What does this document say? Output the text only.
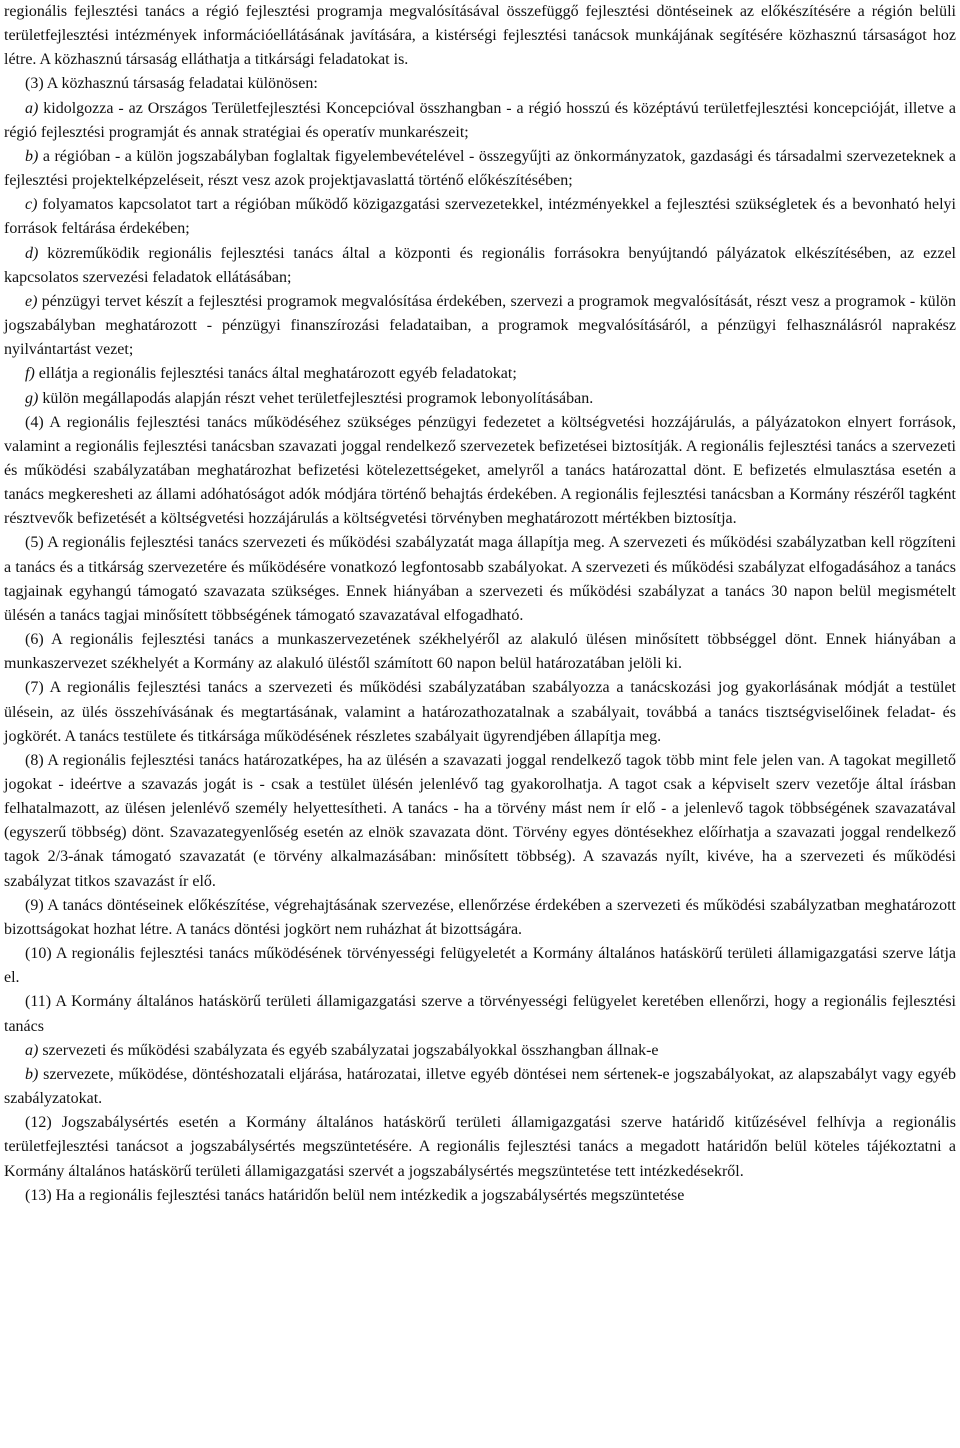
regionális fejlesztési tanács a régió fejlesztési programja megvalósításával összefüggő fejlesztési döntéseinek az előkészítésére a régión belüli területfejlesztési intézmények információellátásának javítására, a kistérségi fejlesztési tanácsok munkájának segítésére közhasznú társaságot hoz létre. A közhasznú társaság elláthatja a titkársági feladatokat is.

(3) A közhasznú társaság feladatai különösen:

a) kidolgozza - az Országos Területfejlesztési Koncepcióval összhangban - a régió hosszú és középtávú területfejlesztési koncepcióját, illetve a régió fejlesztési programját és annak stratégiai és operatív munkarészeit;

b) a régióban - a külön jogszabályban foglaltak figyelembevételével - összegyűjti az önkormányzatok, gazdasági és társadalmi szervezeteknek a fejlesztési projektelképzeléseit, részt vesz azok projektjavaslattá történő előkészítésében;

c) folyamatos kapcsolatot tart a régióban működő közigazgatási szervezetekkel, intézményekkel a fejlesztési szükségletek és a bevonható helyi források feltárása érdekében;

d) közreműködik regionális fejlesztési tanács által a központi és regionális forrásokra benyújtandó pályázatok elkészítésében, az ezzel kapcsolatos szervezési feladatok ellátásában;

e) pénzügyi tervet készít a fejlesztési programok megvalósítása érdekében, szervezi a programok megvalósítását, részt vesz a programok - külön jogszabályban meghatározott - pénzügyi finanszírozási feladataiban, a programok megvalósításáról, a pénzügyi felhasználásról naprakész nyilvántartást vezet;

f) ellátja a regionális fejlesztési tanács által meghatározott egyéb feladatokat;

g) külön megállapodás alapján részt vehet területfejlesztési programok lebonyolításában.

(4) A regionális fejlesztési tanács működéséhez szükséges pénzügyi fedezetet a költségvetési hozzájárulás, a pályázatokon elnyert források, valamint a regionális fejlesztési tanácsban szavazati joggal rendelkező szervezetek befizetései biztosítják. A regionális fejlesztési tanács a szervezeti és működési szabályzatában meghatározhat befizetési kötelezettségeket, amelyről a tanács határozattal dönt. E befizetés elmulasztása esetén a tanács megkeresheti az állami adóhatóságot adók módjára történő behajtás érdekében. A regionális fejlesztési tanácsban a Kormány részéről tagként résztvevők befizetését a költségvetési hozzájárulás a költségvetési törvényben meghatározott mértékben biztosítja.

(5) A regionális fejlesztési tanács szervezeti és működési szabályzatát maga állapítja meg. A szervezeti és működési szabályzatban kell rögzíteni a tanács és a titkárság szervezetére és működésére vonatkozó legfontosabb szabályokat. A szervezeti és működési szabályzat elfogadásához a tanács tagjainak egyhangú támogató szavazata szükséges. Ennek hiányában a szervezeti és működési szabályzat a tanács 30 napon belül megismételt ülésén a tanács tagjai minősített többségének támogató szavazatával elfogadható.

(6) A regionális fejlesztési tanács a munkaszervezetének székhelyéről az alakuló ülésen minősített többséggel dönt. Ennek hiányában a munkaszervezet székhelyét a Kormány az alakuló üléstől számított 60 napon belül határozatában jelöli ki.

(7) A regionális fejlesztési tanács a szervezeti és működési szabályzatában szabályozza a tanácskozási jog gyakorlásának módját a testület ülésein, az ülés összehívásának és megtartásának, valamint a határozathozatalnak a szabályait, továbbá a tanács tisztségviselőinek feladat- és jogkörét. A tanács testülete és titkársága működésének részletes szabályait ügyrendjében állapítja meg.

(8) A regionális fejlesztési tanács határozatképes, ha az ülésén a szavazati joggal rendelkező tagok több mint fele jelen van. A tagokat megillető jogokat - ideértve a szavazás jogát is - csak a testület ülésén jelenlévő tag gyakorolhatja. A tagot csak a képviselt szerv vezetője által írásban felhatalmazott, az ülésen jelenlévő személy helyettesítheti. A tanács - ha a törvény mást nem ír elő - a jelenlevő tagok többségének szavazatával (egyszerű többség) dönt. Szavazategyenlőség esetén az elnök szavazata dönt. Törvény egyes döntésekhez előírhatja a szavazati joggal rendelkező tagok 2/3-ának támogató szavazatát (e törvény alkalmazásában: minősített többség). A szavazás nyílt, kivéve, ha a szervezeti és működési szabályzat titkos szavazást ír elő.

(9) A tanács döntéseinek előkészítése, végrehajtásának szervezése, ellenőrzése érdekében a szervezeti és működési szabályzatban meghatározott bizottságokat hozhat létre. A tanács döntési jogkört nem ruházhat át bizottságára.

(10) A regionális fejlesztési tanács működésének törvényességi felügyeletét a Kormány általános hatáskörű területi államigazgatási szerve látja el.

(11) A Kormány általános hatáskörű területi államigazgatási szerve a törvényességi felügyelet keretében ellenőrzi, hogy a regionális fejlesztési tanács

a) szervezeti és működési szabályzata és egyéb szabályzatai jogszabályokkal összhangban állnak-e

b) szervezete, működése, döntéshozatali eljárása, határozatai, illetve egyéb döntései nem sértenek-e jogszabályokat, az alapszabályt vagy egyéb szabályzatokat.

(12) Jogszabálysértés esetén a Kormány általános hatáskörű területi államigazgatási szerve határidő kitűzésével felhívja a regionális területfejlesztési tanácsot a jogszabálysértés megszüntetésére. A regionális fejlesztési tanács a megadott határidőn belül köteles tájékoztatni a Kormány általános hatáskörű területi államigazgatási szervét a jogszabálysértés megszüntetése tett intézkedésekről.

(13) Ha a regionális fejlesztési tanács határidőn belül nem intézkedik a jogszabálysértés megszüntetése
